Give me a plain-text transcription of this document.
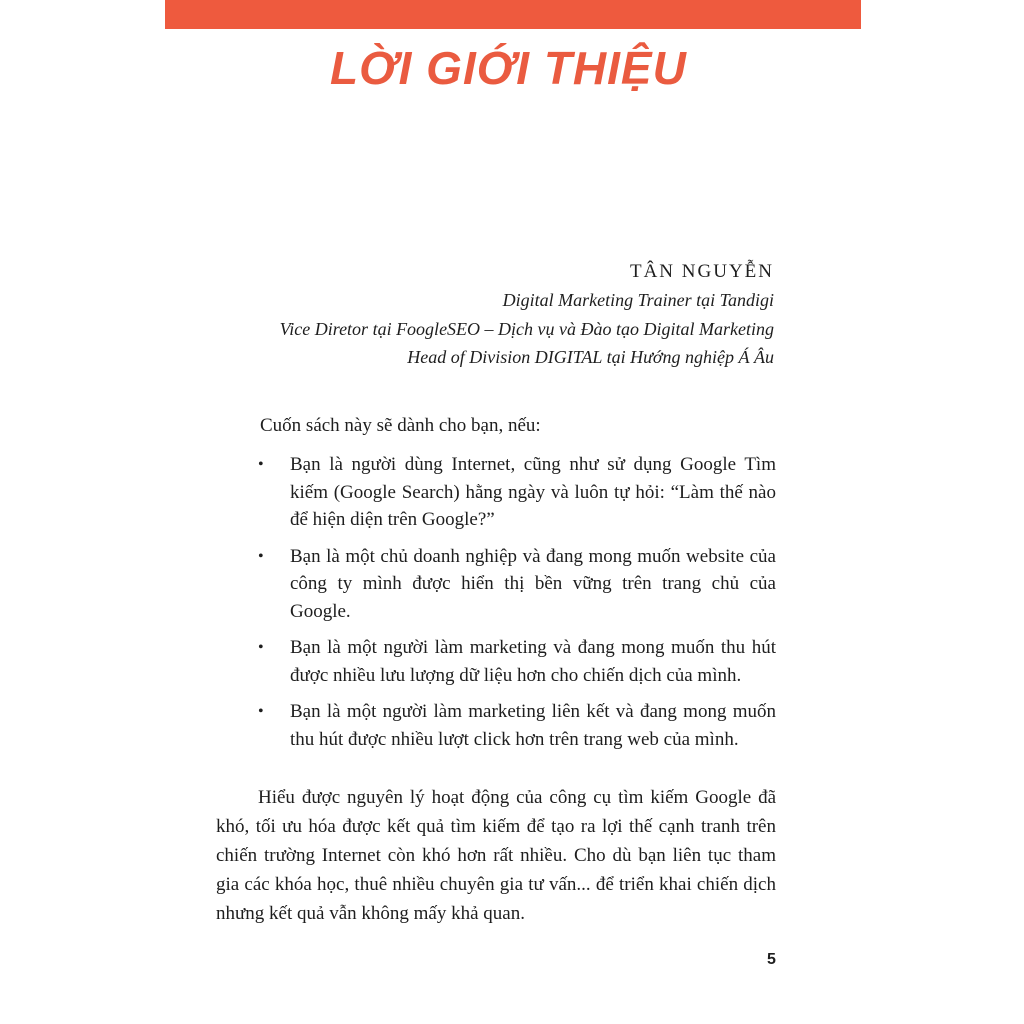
LỜI GIỚI THIỆU
TÂN NGUYỄN
Digital Marketing Trainer tại Tandigi
Vice Diretor tại FoogleSEO – Dịch vụ và Đào tạo Digital Marketing
Head of Division DIGITAL tại Hướng nghiệp Á Âu

Cuốn sách này sẽ dành cho bạn, nếu:

• Bạn là người dùng Internet, cũng như sử dụng Google Tìm kiếm (Google Search) hằng ngày và luôn tự hỏi: “Làm thế nào để hiện diện trên Google?”
• Bạn là một chủ doanh nghiệp và đang mong muốn website của công ty mình được hiển thị bền vững trên trang chủ của Google.
• Bạn là một người làm marketing và đang mong muốn thu hút được nhiều lưu lượng dữ liệu hơn cho chiến dịch của mình.
• Bạn là một người làm marketing liên kết và đang mong muốn thu hút được nhiều lượt click hơn trên trang web của mình.

Hiểu được nguyên lý hoạt động của công cụ tìm kiếm Google đã khó, tối ưu hóa được kết quả tìm kiếm để tạo ra lợi thế cạnh tranh trên chiến trường Internet còn khó hơn rất nhiều. Cho dù bạn liên tục tham gia các khóa học, thuê nhiều chuyên gia tư vấn... để triển khai chiến dịch nhưng kết quả vẫn không mấy khả quan.

5
